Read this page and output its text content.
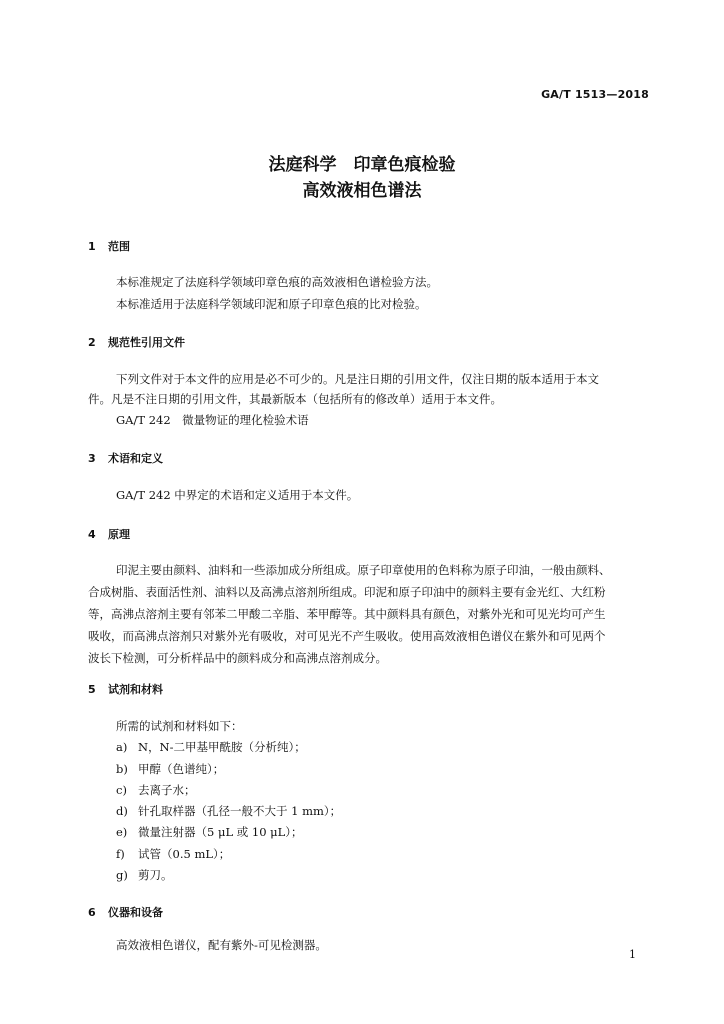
GA/T 1513—2018
法庭科学　印章色痕检验
高效液相色谱法
1 范围
本标准规定了法庭科学领域印章色痕的高效液相色谱检验方法。
本标准适用于法庭科学领域印泥和原子印章色痕的比对检验。
2 规范性引用文件
下列文件对于本文件的应用是必不可少的。凡是注日期的引用文件，仅注日期的版本适用于本文
件。凡是不注日期的引用文件，其最新版本（包括所有的修改单）适用于本文件。
GA/T 242　微量物证的理化检验术语
3 术语和定义
GA/T 242 中界定的术语和定义适用于本文件。
4 原理
印泥主要由颜料、油料和一些添加成分所组成。原子印章使用的色料称为原子印油，一般由颜料、
合成树脂、表面活性剂、油料以及高沸点溶剂所组成。印泥和原子印油中的颜料主要有金光红、大红粉
等，高沸点溶剂主要有邻苯二甲酸二辛脂、苯甲醇等。其中颜料具有颜色，对紫外光和可见光均可产生
吸收，而高沸点溶剂只对紫外光有吸收，对可见光不产生吸收。使用高效液相色谱仪在紫外和可见两个
波长下检测，可分析样品中的颜料成分和高沸点溶剂成分。
5 试剂和材料
所需的试剂和材料如下：
a) N，N-二甲基甲酰胺（分析纯）；
b) 甲醇（色谱纯）；
c) 去离子水；
d) 针孔取样器（孔径一般不大于 1 mm）；
e) 微量注射器（5 μL 或 10 μL）；
f) 试管（0.5 mL）；
g) 剪刀。
6 仪器和设备
高效液相色谱仪，配有紫外-可见检测器。
1
